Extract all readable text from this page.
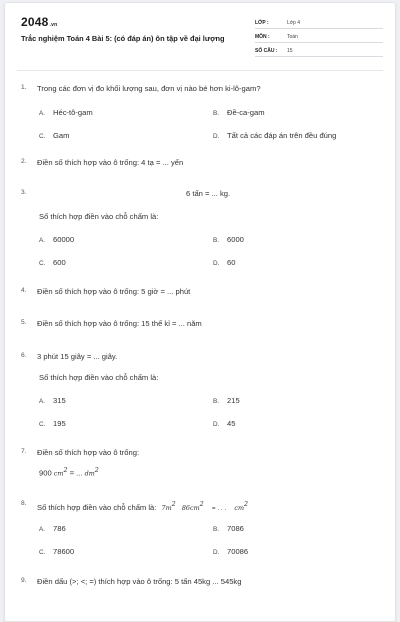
2048.vn
Trắc nghiệm Toán 4 Bài 5: (có đáp án) ôn tập về đại lượng
LỚP :	Lớp 4
MÔN :	Toán
SỐ CÂU : 15
1. Trong các đơn vị đo khối lượng sau, đơn vị nào bé hơn ki-lô-gam?
A. Héc-tô-gam	B. Đề-ca-gam
C. Gam	D. Tất cả các đáp án trên đều đúng
2. Điền số thích hợp vào ô trống: 4 tạ = ... yến
3.	6 tấn = ... kg.
Số thích hợp điền vào chỗ chấm là:
A. 60000	B. 6000
C. 600	D. 60
4. Điền số thích hợp vào ô trống: 5 giờ = ... phút
5. Điền số thích hợp vào ô trống: 15 thế kỉ = ... năm
6. 3 phút 15 giây = ... giây.
Số thích hợp điền vào chỗ chấm là:
A. 315	B. 215
C. 195	D. 45
7. Điền số thích hợp vào ô trống:
900 $cm^2$ = ... $dm^2$
8. Số thích hợp điền vào chỗ chấm là: $7m^2$ $86cm^2$ = . . . $cm^2$
A. 786	B. 7086
C. 78600	D. 70086
9. Điền dấu (>; <; =) thích hợp vào ô trống: 5 tấn 45kg ... 545kg
